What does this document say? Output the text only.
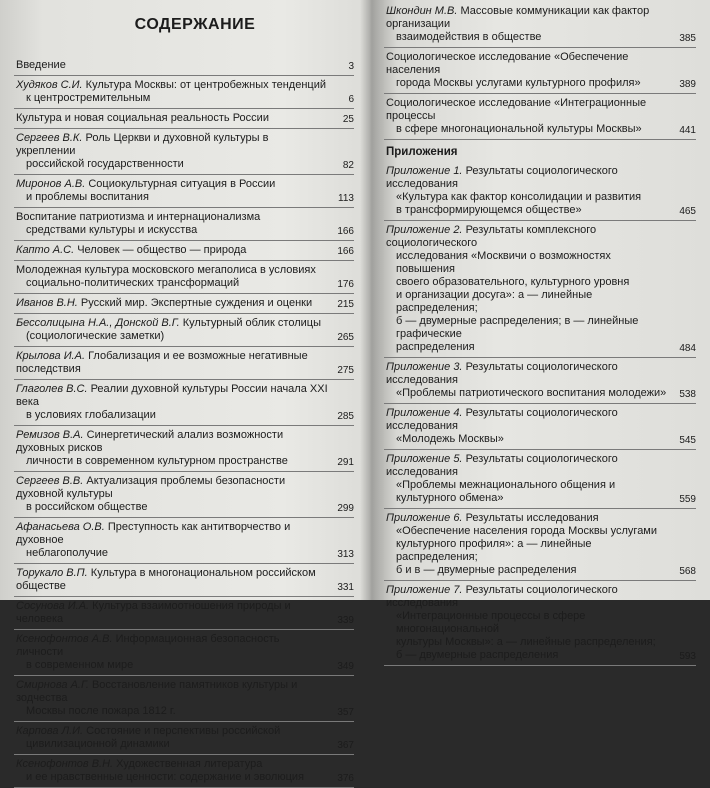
СОДЕРЖАНИЕ
Введение	3
Худяков С.И. Культура Москвы: от центробежных тенденций
к центростремительным	6
Культура и новая социальная реальность России	25
Сергеев В.К. Роль Церкви и духовной культуры в укреплении
российской государственности	82
Миронов А.В. Социокультурная ситуация в России
и проблемы воспитания	113
Воспитание патриотизма и интернационализма
средствами культуры и искусства	166
Капто А.С. Человек — общество — природа	166
Молодежная культура московского мегаполиса в условиях
социально-политических трансформаций	176
Иванов В.Н. Русский мир. Экспертные суждения и оценки	215
Бессолицына Н.А., Донской В.Г. Культурный облик столицы
(социологические заметки)	265
Крылова И.А. Глобализация и ее возможные негативные последствия	275
Глаголев В.С. Реалии духовной культуры России начала XXI века
в условиях глобализации	285
Ремизов В.А. Синергетический алализ возможности духовных рисков
личности в современном культурном пространстве	291
Сергеев В.В. Актуализация проблемы безопасности духовной культуры
в российском обществе	299
Афанасьева О.В. Преступность как антитворчество и духовное
неблагополучие	313
Торукало В.П. Культура в многонациональном российском обществе	331
Сосунова И.А. Культура взаимоотношения природы и человека	339
Ксенофонтов А.В. Информационная безопасность личности
в современном мире	349
Смирнова А.Г. Восстановление памятников культуры и зодчества
Москвы после пожара 1812 г.	357
Карпова Л.И. Состояние и перспективы российской
цивилизационной динамики	367
Ксенофонтов В.Н. Художественная литература
и ее нравственные ценности: содержание и эволюция	376
Шкондин М.В. Массовые коммуникации как фактор организации
взаимодействия в обществе	385
Социологическое исследование «Обеспечение населения
города Москвы услугами культурного профиля»	389
Социологическое исследование «Интеграционные процессы
в сфере многонациональной культуры Москвы»	441
Приложения
Приложение 1. Результаты социологического исследования
«Культура как фактор консолидации и развития
в трансформирующемся обществе»	465
Приложение 2. Результаты комплексного социологического
исследования «Москвичи о возможностях повышения
своего образовательного, культурного уровня
и организации досуга»: а — линейные распределения;
б — двумерные распределения; в — линейные графические
распределения	484
Приложение 3. Результаты социологического исследования
«Проблемы патриотического воспитания молодежи»	538
Приложение 4. Результаты социологического исследования
«Молодежь Москвы»	545
Приложение 5. Результаты социологического исследования
«Проблемы межнационального общения и культурного обмена»	559
Приложение 6. Результаты исследования
«Обеспечение населения города Москвы услугами
культурного профиля»: а — линейные распределения;
б и в — двумерные распределения	568
Приложение 7. Результаты социологического исследования
«Интеграционные процессы в сфере многонациональной
культуры Москвы»: а — линейные распределения;
б — двумерные распределения	593
